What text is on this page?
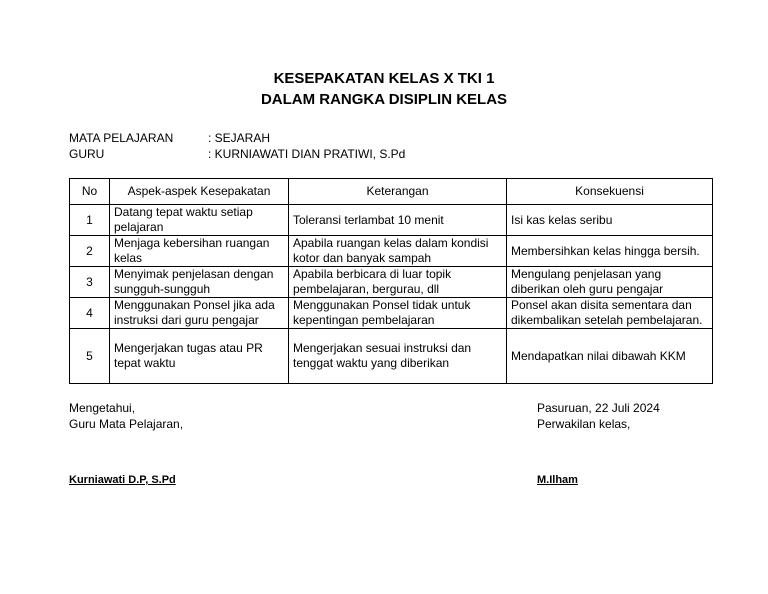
KESEPAKATAN KELAS X TKI 1
DALAM RANGKA DISIPLIN KELAS
MATA PELAJARAN	: SEJARAH
GURU	: KURNIAWATI DIAN PRATIWI, S.Pd
No	Aspek-aspek Kesepakatan	Keterangan	Konsekuensi
1	Datang tepat waktu setiap pelajaran	Toleransi terlambat 10 menit	Isi kas kelas seribu
2	Menjaga kebersihan ruangan kelas	Apabila ruangan kelas dalam kondisi kotor dan banyak sampah	Membersihkan kelas hingga bersih.
3	Menyimak penjelasan dengan sungguh-sungguh	Apabila berbicara di luar topik pembelajaran, bergurau, dll	Mengulang penjelasan yang diberikan oleh guru pengajar
4	Menggunakan Ponsel jika ada instruksi dari guru pengajar	Menggunakan Ponsel tidak untuk kepentingan pembelajaran	Ponsel akan disita sementara dan dikembalikan setelah pembelajaran.
5	Mengerjakan tugas atau PR tepat waktu	Mengerjakan sesuai instruksi dan tenggat waktu yang diberikan	Mendapatkan nilai dibawah KKM
Mengetahui,
Guru Mata Pelajaran,
Kurniawati D.P, S.Pd
Pasuruan, 22 Juli 2024
Perwakilan kelas,
M.Ilham
